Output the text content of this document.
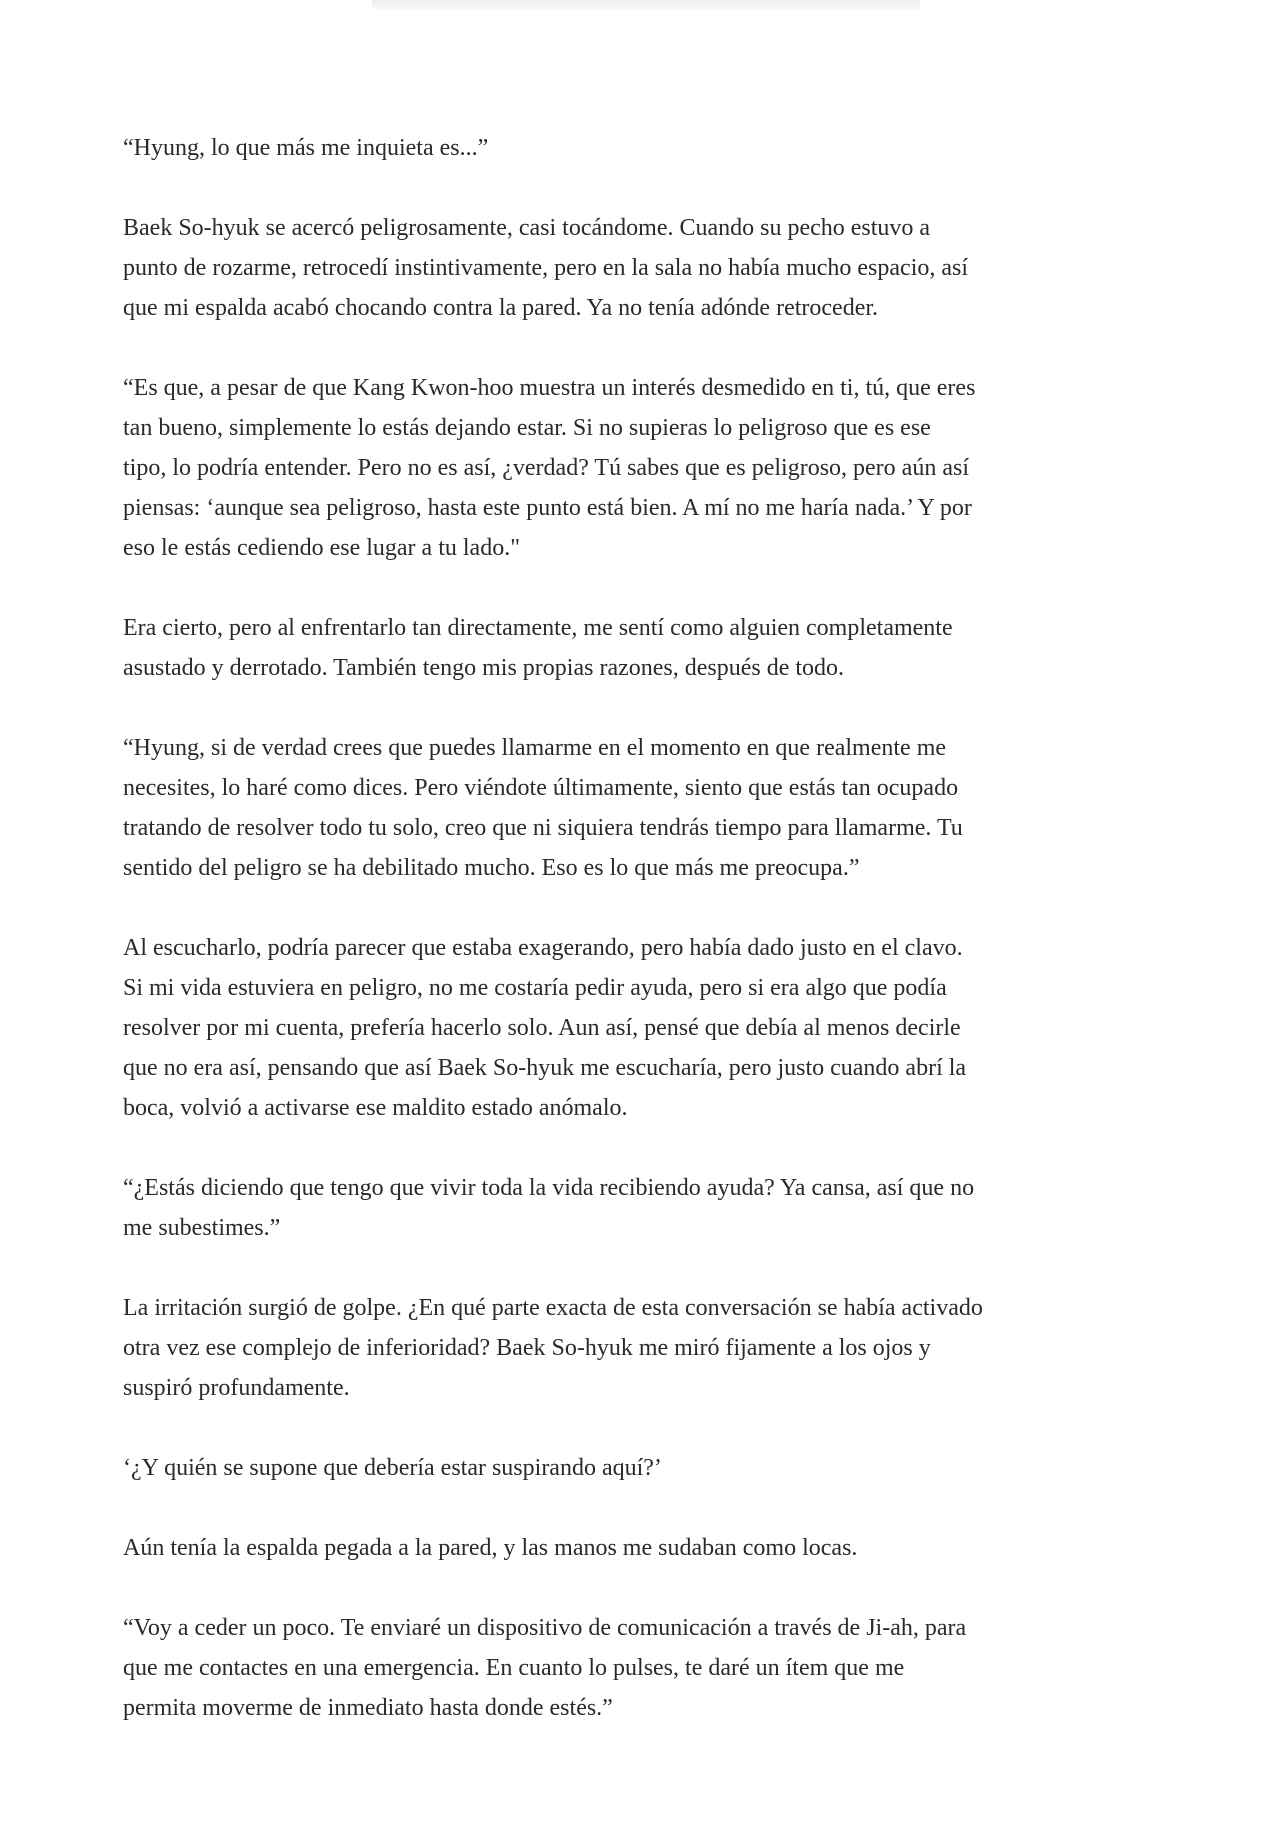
“Hyung, lo que más me inquieta es...”

Baek So-hyuk se acercó peligrosamente, casi tocándome. Cuando su pecho estuvo a
punto de rozarme, retrocedí instintivamente, pero en la sala no había mucho espacio, así
que mi espalda acabó chocando contra la pared. Ya no tenía adónde retroceder.

“Es que, a pesar de que Kang Kwon-hoo muestra un interés desmedido en ti, tú, que eres
tan bueno, simplemente lo estás dejando estar. Si no supieras lo peligroso que es ese
tipo, lo podría entender. Pero no es así, ¿verdad? Tú sabes que es peligroso, pero aún así
piensas: ‘aunque sea peligroso, hasta este punto está bien. A mí no me haría nada.’ Y por
eso le estás cediendo ese lugar a tu lado."

Era cierto, pero al enfrentarlo tan directamente, me sentí como alguien completamente
asustado y derrotado. También tengo mis propias razones, después de todo.

“Hyung, si de verdad crees que puedes llamarme en el momento en que realmente me
necesites, lo haré como dices. Pero viéndote últimamente, siento que estás tan ocupado
tratando de resolver todo tu solo, creo que ni siquiera tendrás tiempo para llamarme. Tu
sentido del peligro se ha debilitado mucho. Eso es lo que más me preocupa.”

Al escucharlo, podría parecer que estaba exagerando, pero había dado justo en el clavo.
Si mi vida estuviera en peligro, no me costaría pedir ayuda, pero si era algo que podía
resolver por mi cuenta, prefería hacerlo solo. Aun así, pensé que debía al menos decirle
que no era así, pensando que así Baek So-hyuk me escucharía, pero justo cuando abrí la
boca, volvió a activarse ese maldito estado anómalo.

“¿Estás diciendo que tengo que vivir toda la vida recibiendo ayuda? Ya cansa, así que no
me subestimes.”

La irritación surgió de golpe. ¿En qué parte exacta de esta conversación se había activado
otra vez ese complejo de inferioridad? Baek So-hyuk me miró fijamente a los ojos y
suspiró profundamente.

‘¿Y quién se supone que debería estar suspirando aquí?’

Aún tenía la espalda pegada a la pared, y las manos me sudaban como locas.

“Voy a ceder un poco. Te enviaré un dispositivo de comunicación a través de Ji-ah, para
que me contactes en una emergencia. En cuanto lo pulses, te daré un ítem que me
permita moverme de inmediato hasta donde estés.”
